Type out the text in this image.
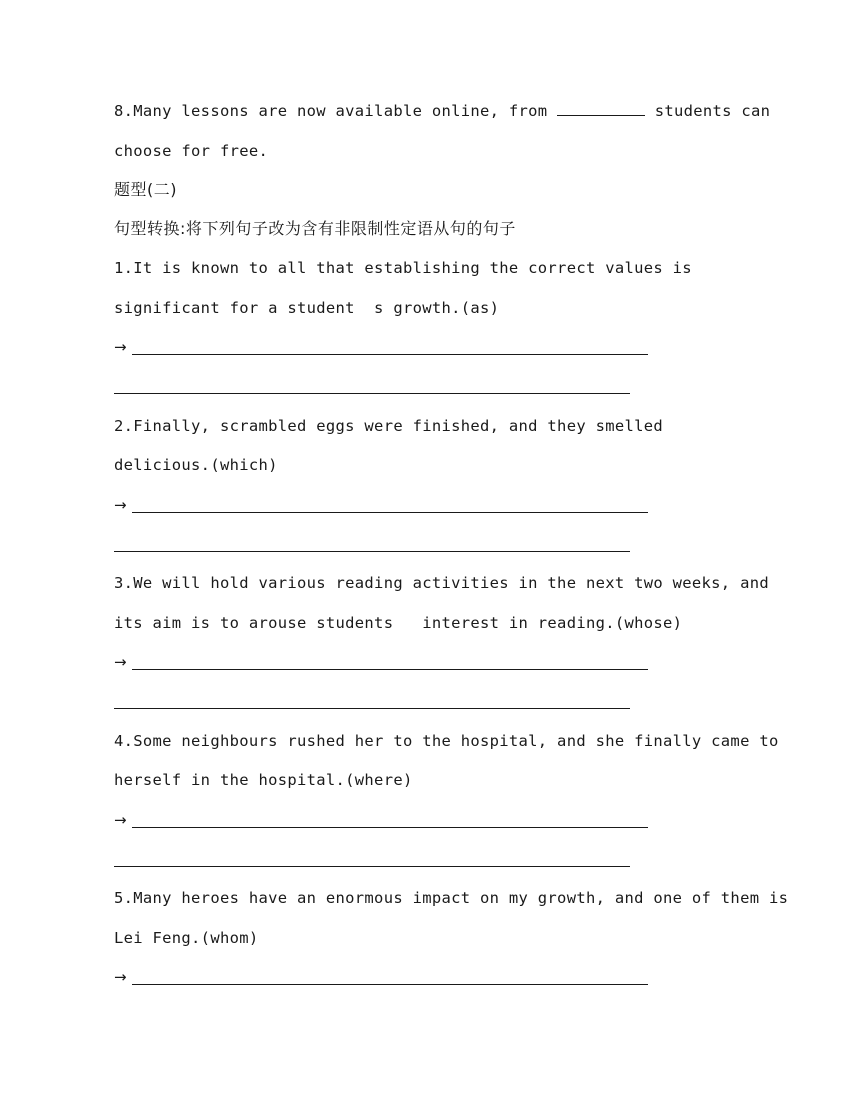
8.Many lessons are now available online, from	students can
choose for free.
题型(二)
句型转换:将下列句子改为含有非限制性定语从句的句子
1.It is known to all that establishing the correct values is
significant for a student  s growth.(as)
→
2.Finally, scrambled eggs were finished, and they smelled
delicious.(which)
→
3.We will hold various reading activities in the next two weeks, and
its aim is to arouse students   interest in reading.(whose)
→
4.Some neighbours rushed her to the hospital, and she finally came to
herself in the hospital.(where)
→
5.Many heroes have an enormous impact on my growth, and one of them is
Lei Feng.(whom)
→
